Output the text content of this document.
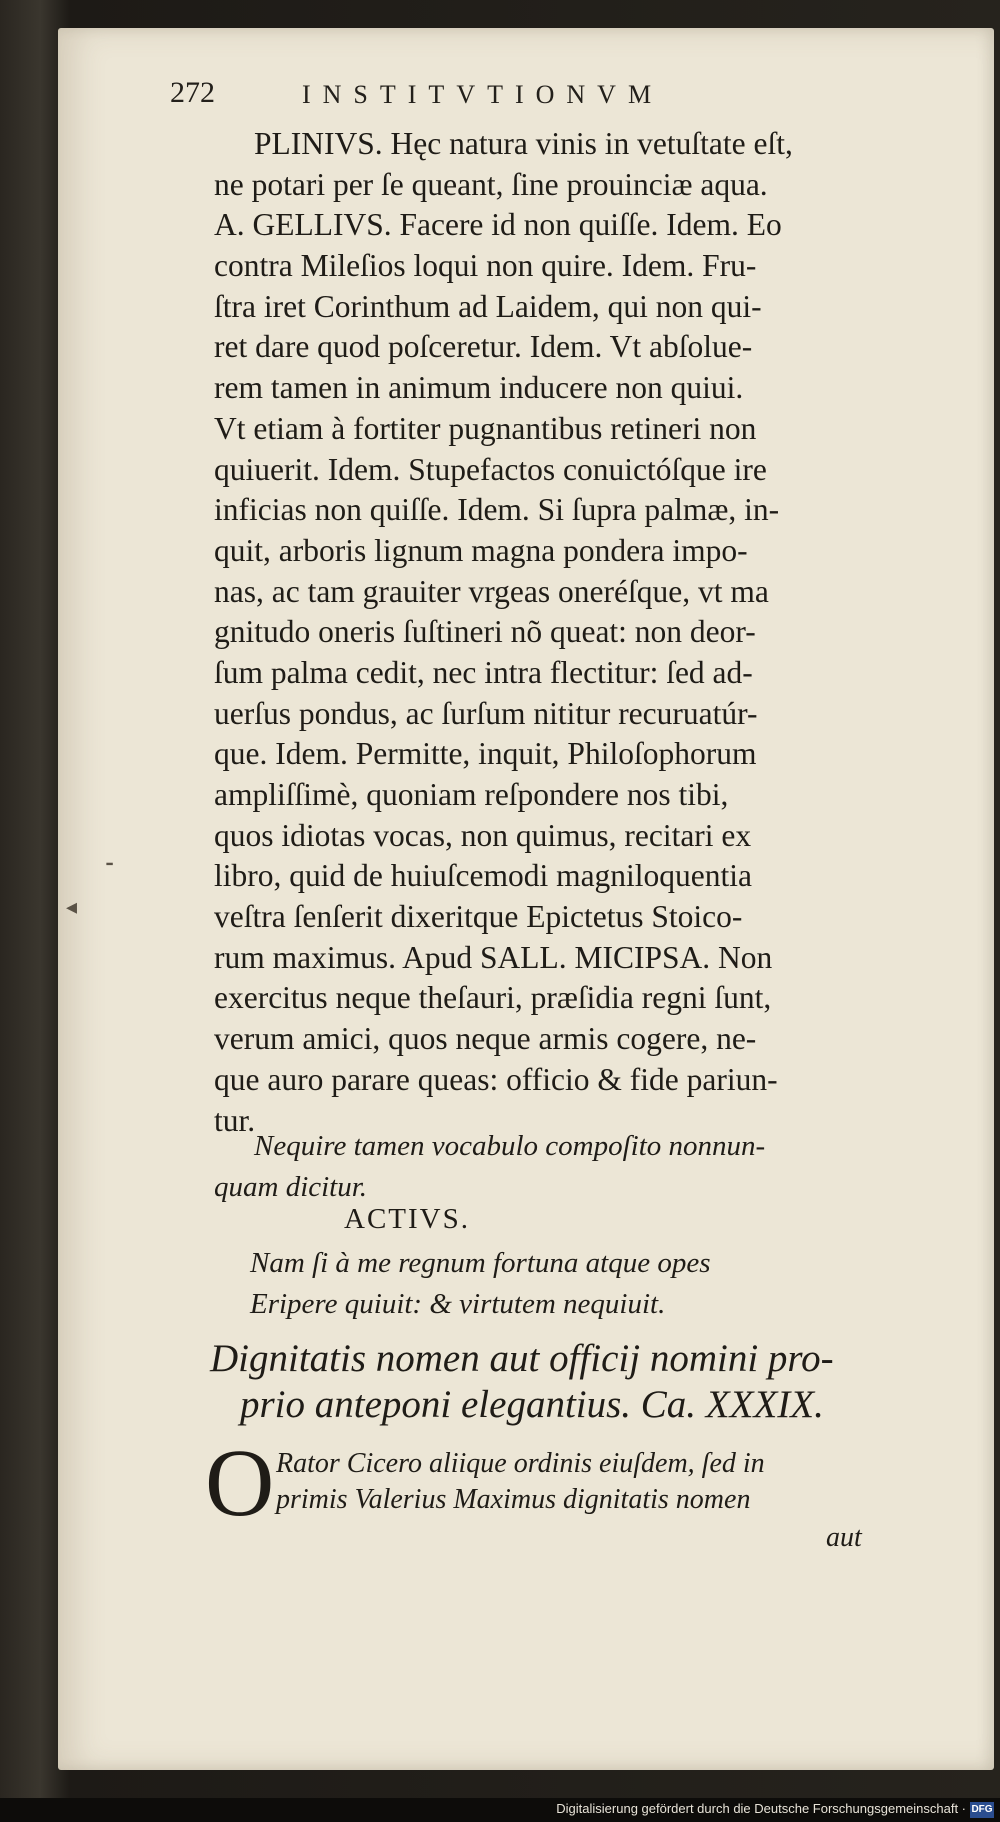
272	INSTITVTIONVM
PLINIVS. Hęc natura vinis in vetuſtate eſt,
ne potari per ſe queant, ſine prouinciæ aqua.
A. GELLIVS. Facere id non quiſſe. Idem. Eo
contra Mileſios loqui non quire. Idem. Fru-
ſtra iret Corinthum ad Laidem, qui non qui-
ret dare quod poſceretur. Idem. Vt abſolue-
rem tamen in animum inducere non quiui.
Vt etiam à fortiter pugnantibus retineri non
quiuerit. Idem. Stupefactos conuictóſque ire
inficias non quiſſe. Idem. Si ſupra palmæ, in-
quit, arboris lignum magna pondera impo-
nas, ac tam grauiter vrgeas oneréſque, vt ma
gnitudo oneris ſuſtineri nõ queat: non deor-
ſum palma cedit, nec intra flectitur: ſed ad-
uerſus pondus, ac ſurſum nititur recuruatúr-
que. Idem. Permitte, inquit, Philoſophorum
ampliſſimè, quoniam reſpondere nos tibi,
quos idiotas vocas, non quimus, recitari ex
libro, quid de huiuſcemodi magniloquentia
veſtra ſenſerit dixeritque Epictetus Stoico-
rum maximus. Apud SALL. MICIPSA. Non
exercitus neque theſauri, præſidia regni ſunt,
verum amici, quos neque armis cogere, ne-
que auro parare queas: officio & fide pariun-
tur.
⁃
◂
Nequire tamen vocabulo compoſito nonnun-
quam dicitur.
ACTIVS.
Nam ſi à me regnum fortuna atque opes
Eripere quiuit: & virtutem nequiuit.
Dignitatis nomen aut officij nomini pro-
prio anteponi elegantius. Ca. XXXIX.
O Rator Cicero aliique ordinis eiuſdem, ſed in
primis Valerius Maximus dignitatis nomen
aut
Digitalisierung gefördert durch die Deutsche Forschungsgemeinschaft · DFG
